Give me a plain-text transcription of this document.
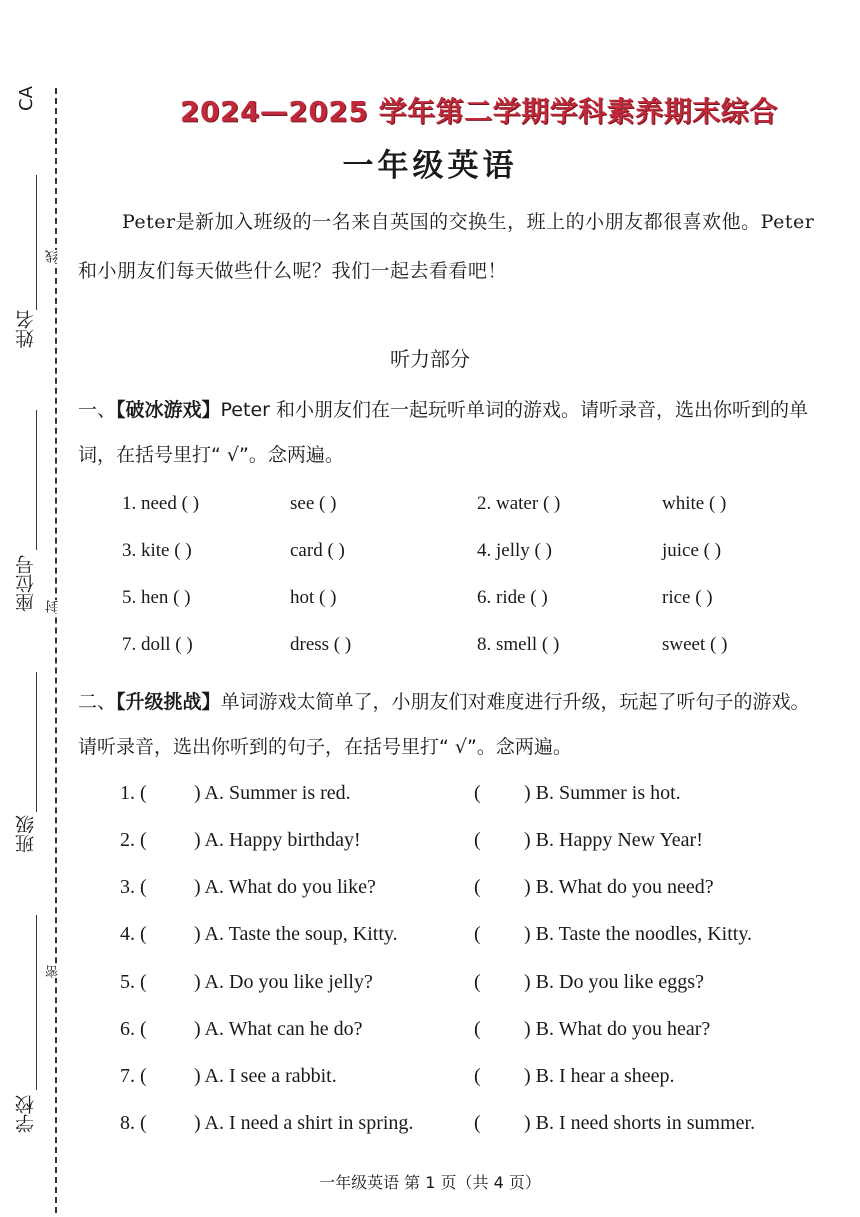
CA
线
封
密
姓名
座位号
班级
学校
2024—2025 学年第二学期学科素养期末综合
一年级英语
Peter是新加入班级的一名来自英国的交换生，班上的小朋友都很喜欢他。Peter和小朋友们每天做些什么呢？我们一起去看看吧！
听力部分
一、【破冰游戏】Peter 和小朋友们在一起玩听单词的游戏。请听录音，选出你听到的单词，在括号里打“ √”。念两遍。
1. need ( )	see ( )	2. water ( )	white ( )
3. kite ( )	card ( )	4. jelly ( )	juice ( )
5. hen ( )	hot ( )	6. ride ( )	rice ( )
7. doll ( )	dress ( )	8. smell ( )	sweet ( )
二、【升级挑战】单词游戏太简单了，小朋友们对难度进行升级，玩起了听句子的游戏。请听录音，选出你听到的句子，在括号里打“ √”。念两遍。
1. ( ) A. Summer is red.	( ) B. Summer is hot.
2. ( ) A. Happy birthday!	( ) B. Happy New Year!
3. ( ) A. What do you like?	( ) B. What do you need?
4. ( ) A. Taste the soup, Kitty.	( ) B. Taste the noodles, Kitty.
5. ( ) A. Do you like jelly?	( ) B. Do you like eggs?
6. ( ) A. What can he do?	( ) B. What do you hear?
7. ( ) A. I see a rabbit.	( ) B. I hear a sheep.
8. ( ) A. I need a shirt in spring.	( ) B. I need shorts in summer.
一年级英语 第 1 页（共 4 页）
